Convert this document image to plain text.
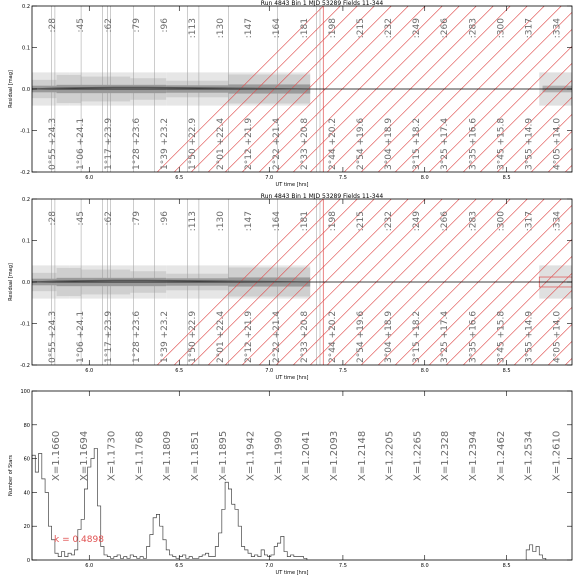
:28 :45 :62 :79 :96 :113 :130 :147 :164 :181 :198 :215 :232 :249 :266 :283 :300 :317 :334
0°55 +24.3 1°06 +24.1 1°17 +23.9 1°28 +23.6 1°39 +23.2 1°50 +22.9 2°01 +22.4 2°12 +21.9 2°22 +21.4 2°33 +20.8 2°44 +20.2 2°54 +19.6 3°04 +18.9 3°15 +18.2 3°25 +17.4 3°35 +16.6 3°45 +15.8 3°55 +14.9 4°05 +14.0
6.0	6.5	7.0	7.5	8.0	8.5
0.2
0.1
0.0
-0.1
-0.2
UT time [hrs]
Residual [mag]
Run 4843 Bin 1 MJD 53289 Fields 11-344
:28 :45 :62 :79 :96 :113 :130 :147 :164 :181 :198 :215 :232 :249 :266 :283 :300 :317 :334
0°55 +24.3 1°06 +24.1 1°17 +23.9 1°28 +23.6 1°39 +23.2 1°50 +22.9 2°01 +22.4 2°12 +21.9 2°22 +21.4 2°33 +20.8 2°44 +20.2 2°54 +19.6 3°04 +18.9 3°15 +18.2 3°25 +17.4 3°35 +16.6 3°45 +15.8 3°55 +14.9 4°05 +14.0
6.0	6.5	7.0	7.5	8.0	8.5
0.2
0.1
0.0
-0.1
-0.2
UT time [hrs]
Residual [mag]
Run 4843 Bin 1 MJD 53289 Fields 11-344
X=1.1660 X=1.1694 X=1.1730 X=1.1768 X=1.1809 X=1.1851 X=1.1895 X=1.1942 X=1.1990 X=1.2041 X=1.2093 X=1.2148 X=1.2205 X=1.2265 X=1.2328 X=1.2394 X=1.2462 X=1.2534 X=1.2610
k = 0.4898
6.0	6.5	7.0	7.5	8.0	8.5
100
80
60
40
20
0
UT time [hrs]
Number of Stars
